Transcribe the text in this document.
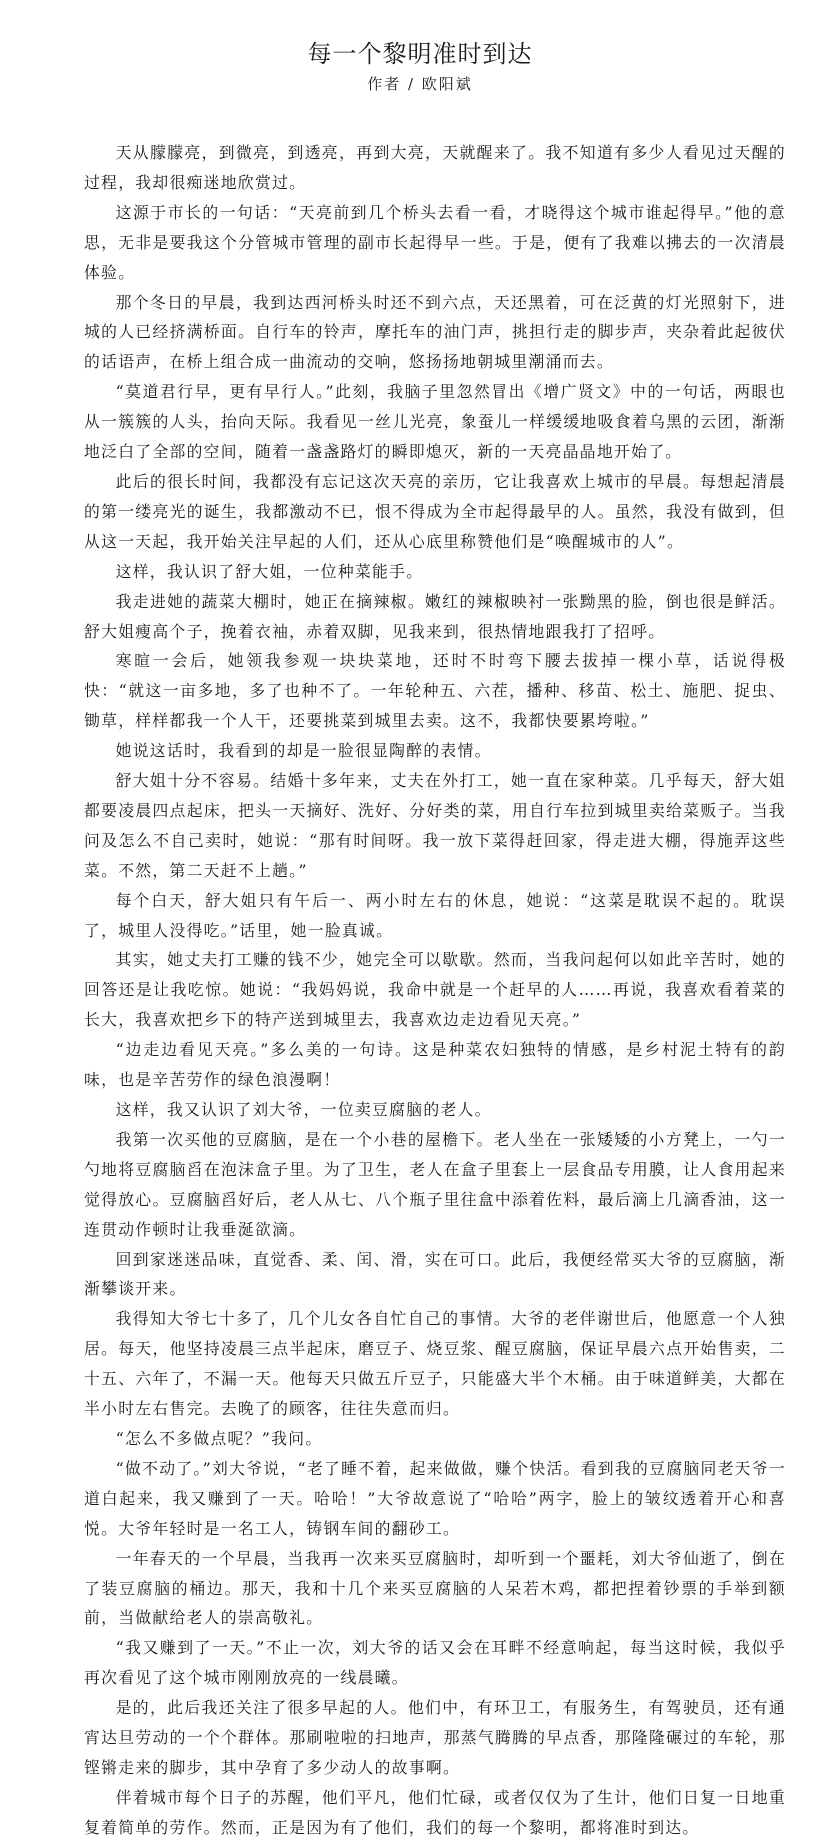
每一个黎明准时到达
作者 / 欧阳斌

天从朦朦亮，到微亮，到透亮，再到大亮，天就醒来了。我不知道有多少人看见过天醒的过程，我却很痴迷地欣赏过。

这源于市长的一句话：“天亮前到几个桥头去看一看，才晓得这个城市谁起得早。”他的意思，无非是要我这个分管城市管理的副市长起得早一些。于是，便有了我难以拂去的一次清晨体验。

那个冬日的早晨，我到达西河桥头时还不到六点，天还黑着，可在泛黄的灯光照射下，进城的人已经挤满桥面。自行车的铃声，摩托车的油门声，挑担行走的脚步声，夹杂着此起彼伏的话语声，在桥上组合成一曲流动的交响，悠扬扬地朝城里潮涌而去。

“莫道君行早，更有早行人。”此刻，我脑子里忽然冒出《增广贤文》中的一句话，两眼也从一簇簇的人头，抬向天际。我看见一丝儿光亮，象蚕儿一样缓缓地吸食着乌黑的云团，渐渐地泛白了全部的空间，随着一盏盏路灯的瞬即熄灭，新的一天亮晶晶地开始了。

此后的很长时间，我都没有忘记这次天亮的亲历，它让我喜欢上城市的早晨。每想起清晨的第一缕亮光的诞生，我都激动不已，恨不得成为全市起得最早的人。虽然，我没有做到，但从这一天起，我开始关注早起的人们，还从心底里称赞他们是“唤醒城市的人”。

这样，我认识了舒大姐，一位种菜能手。

我走进她的蔬菜大棚时，她正在摘辣椒。嫩红的辣椒映衬一张黝黑的脸，倒也很是鲜活。舒大姐瘦高个子，挽着衣袖，赤着双脚，见我来到，很热情地跟我打了招呼。

寒暄一会后，她领我参观一块块菜地，还时不时弯下腰去拔掉一棵小草，话说得极快：“就这一亩多地，多了也种不了。一年轮种五、六茬，播种、移苗、松土、施肥、捉虫、锄草，样样都我一个人干，还要挑菜到城里去卖。这不，我都快要累垮啦。”

她说这话时，我看到的却是一脸很显陶醉的表情。

舒大姐十分不容易。结婚十多年来，丈夫在外打工，她一直在家种菜。几乎每天，舒大姐都要凌晨四点起床，把头一天摘好、洗好、分好类的菜，用自行车拉到城里卖给菜贩子。当我问及怎么不自己卖时，她说：“那有时间呀。我一放下菜得赶回家，得走进大棚，得施弄这些菜。不然，第二天赶不上趟。”

每个白天，舒大姐只有午后一、两小时左右的休息，她说：“这菜是耽误不起的。耽误了，城里人没得吃。”话里，她一脸真诚。

其实，她丈夫打工赚的钱不少，她完全可以歇歇。然而，当我问起何以如此辛苦时，她的回答还是让我吃惊。她说：“我妈妈说，我命中就是一个赶早的人……再说，我喜欢看着菜的长大，我喜欢把乡下的特产送到城里去，我喜欢边走边看见天亮。”

“边走边看见天亮。”多么美的一句诗。这是种菜农妇独特的情感，是乡村泥土特有的韵味，也是辛苦劳作的绿色浪漫啊！

这样，我又认识了刘大爷，一位卖豆腐脑的老人。

我第一次买他的豆腐脑，是在一个小巷的屋檐下。老人坐在一张矮矮的小方凳上，一勺一勺地将豆腐脑舀在泡沫盒子里。为了卫生，老人在盒子里套上一层食品专用膜，让人食用起来觉得放心。豆腐脑舀好后，老人从七、八个瓶子里往盒中添着佐料，最后滴上几滴香油，这一连贯动作顿时让我垂涎欲滴。

回到家迷迷品味，直觉香、柔、闰、滑，实在可口。此后，我便经常买大爷的豆腐脑，渐渐攀谈开来。

我得知大爷七十多了，几个儿女各自忙自己的事情。大爷的老伴谢世后，他愿意一个人独居。每天，他坚持凌晨三点半起床，磨豆子、烧豆浆、醒豆腐脑，保证早晨六点开始售卖，二十五、六年了，不漏一天。他每天只做五斤豆子，只能盛大半个木桶。由于味道鲜美，大都在半小时左右售完。去晚了的顾客，往往失意而归。

“怎么不多做点呢？”我问。

“做不动了。”刘大爷说，“老了睡不着，起来做做，赚个快活。看到我的豆腐脑同老天爷一道白起来，我又赚到了一天。哈哈！”大爷故意说了“哈哈”两字，脸上的皱纹透着开心和喜悦。大爷年轻时是一名工人，铸钢车间的翻砂工。

一年春天的一个早晨，当我再一次来买豆腐脑时，却听到一个噩耗，刘大爷仙逝了，倒在了装豆腐脑的桶边。那天，我和十几个来买豆腐脑的人呆若木鸡，都把捏着钞票的手举到额前，当做献给老人的崇高敬礼。

“我又赚到了一天。”不止一次，刘大爷的话又会在耳畔不经意响起，每当这时候，我似乎再次看见了这个城市刚刚放亮的一线晨曦。

是的，此后我还关注了很多早起的人。他们中，有环卫工，有服务生，有驾驶员，还有通宵达旦劳动的一个个群体。那刷啦啦的扫地声，那蒸气腾腾的早点香，那隆隆碾过的车轮，那铿锵走来的脚步，其中孕育了多少动人的故事啊。

伴着城市每个日子的苏醒，他们平凡，他们忙碌，或者仅仅为了生计，他们日复一日地重复着简单的劳作。然而，正是因为有了他们，我们的每一个黎明，都将准时到达。
